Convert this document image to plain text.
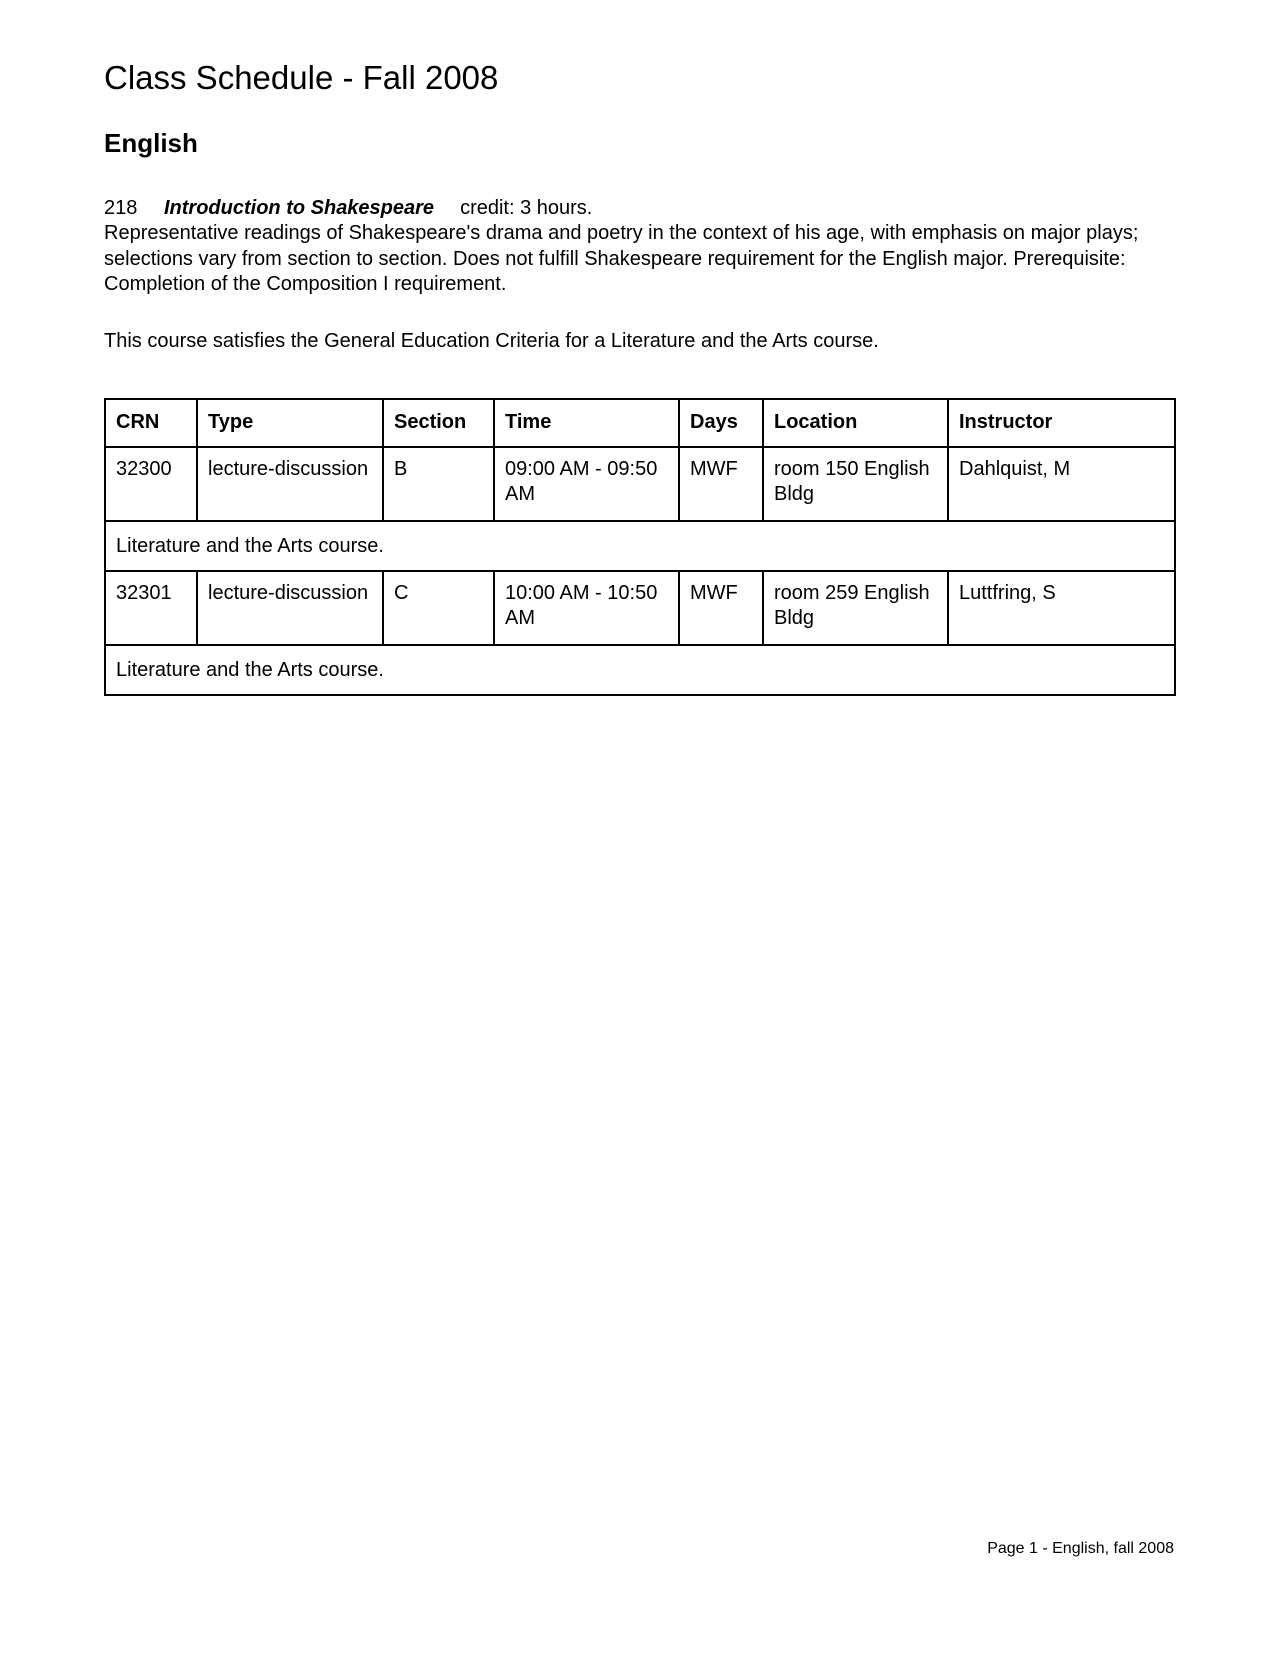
Class Schedule - Fall 2008
English
218 Introduction to Shakespeare credit: 3 hours.
Representative readings of Shakespeare's drama and poetry in the context of his age, with emphasis on major plays; selections vary from section to section. Does not fulfill Shakespeare requirement for the English major. Prerequisite: Completion of the Composition I requirement.
This course satisfies the General Education Criteria for a Literature and the Arts course.
CRN	Type	Section	Time	Days	Location	Instructor
32300	lecture-discussion	B	09:00 AM - 09:50 AM	MWF	room 150 English Bldg	Dahlquist, M
Literature and the Arts course.						
32301	lecture-discussion	C	10:00 AM - 10:50 AM	MWF	room 259 English Bldg	Luttfring, S
Literature and the Arts course.						
Page 1 - English, fall 2008
